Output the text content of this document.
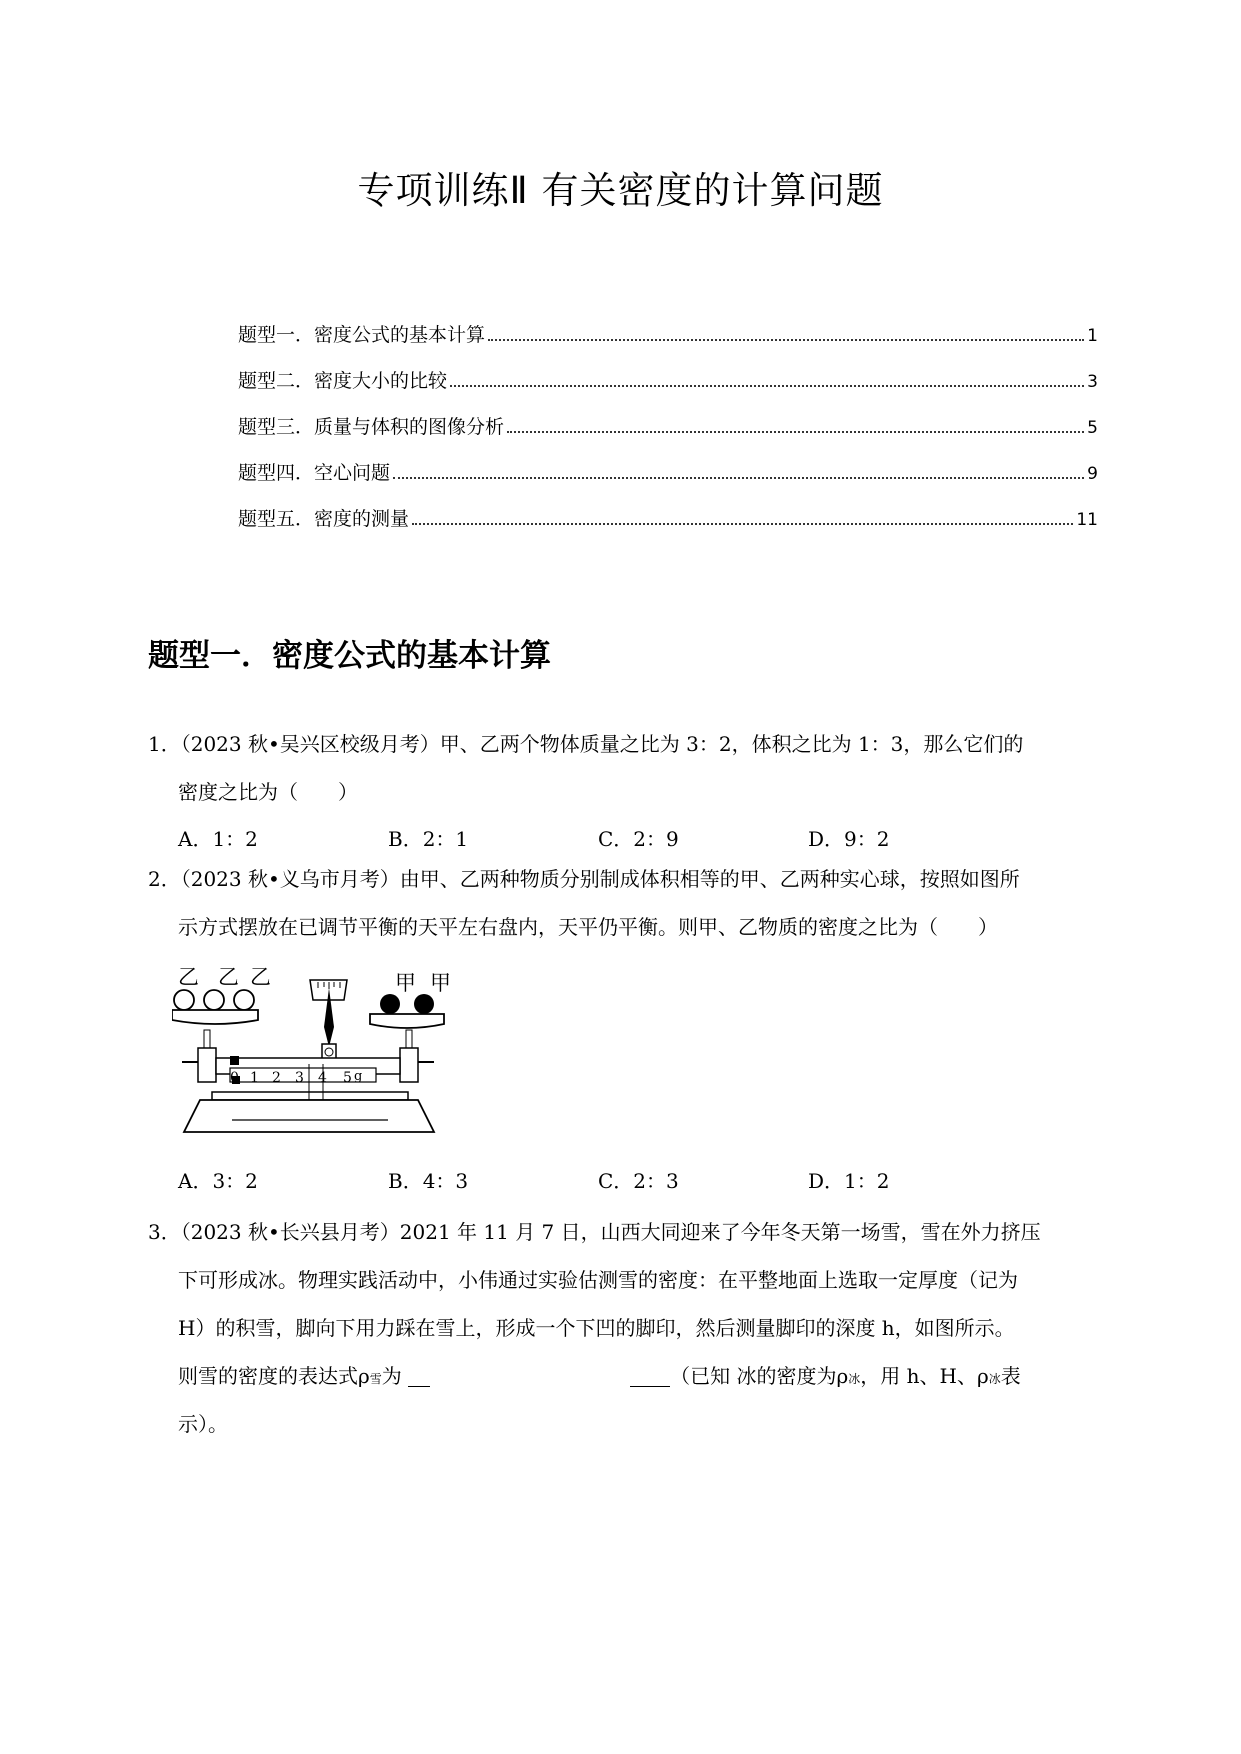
专项训练Ⅱ 有关密度的计算问题
题型一．密度公式的基本计算	1
题型二．密度大小的比较	3
题型三．质量与体积的图像分析	5
题型四．空心问题	9
题型五．密度的测量	11
题型一．密度公式的基本计算
1．（2023 秋•吴兴区校级月考）甲、乙两个物体质量之比为 3：2，体积之比为 1：3，那么它们的
密度之比为（　　）
A．1：2	B．2：1	C．2：9	D．9：2
2．（2023 秋•义乌市月考）由甲、乙两种物质分别制成体积相等的甲、乙两种实心球，按照如图所
示方式摆放在已调节平衡的天平左右盘内，天平仍平衡。则甲、乙物质的密度之比为（　　）
乙 乙 乙	甲 甲
0 1 2 3 4 5 g
A．3：2	B．4：3	C．2：3	D．1：2
3．（2023 秋•长兴县月考）2021 年 11 月 7 日，山西大同迎来了今年冬天第一场雪，雪在外力挤压
下可形成冰。物理实践活动中，小伟通过实验估测雪的密度：在平整地面上选取一定厚度（记为
H）的积雪，脚向下用力踩在雪上，形成一个下凹的脚印，然后测量脚印的深度 h，如图所示。
则雪的密度的表达式ρ雪为	（已知 冰的密度为ρ冰，用 h、H、ρ冰表
示）。
